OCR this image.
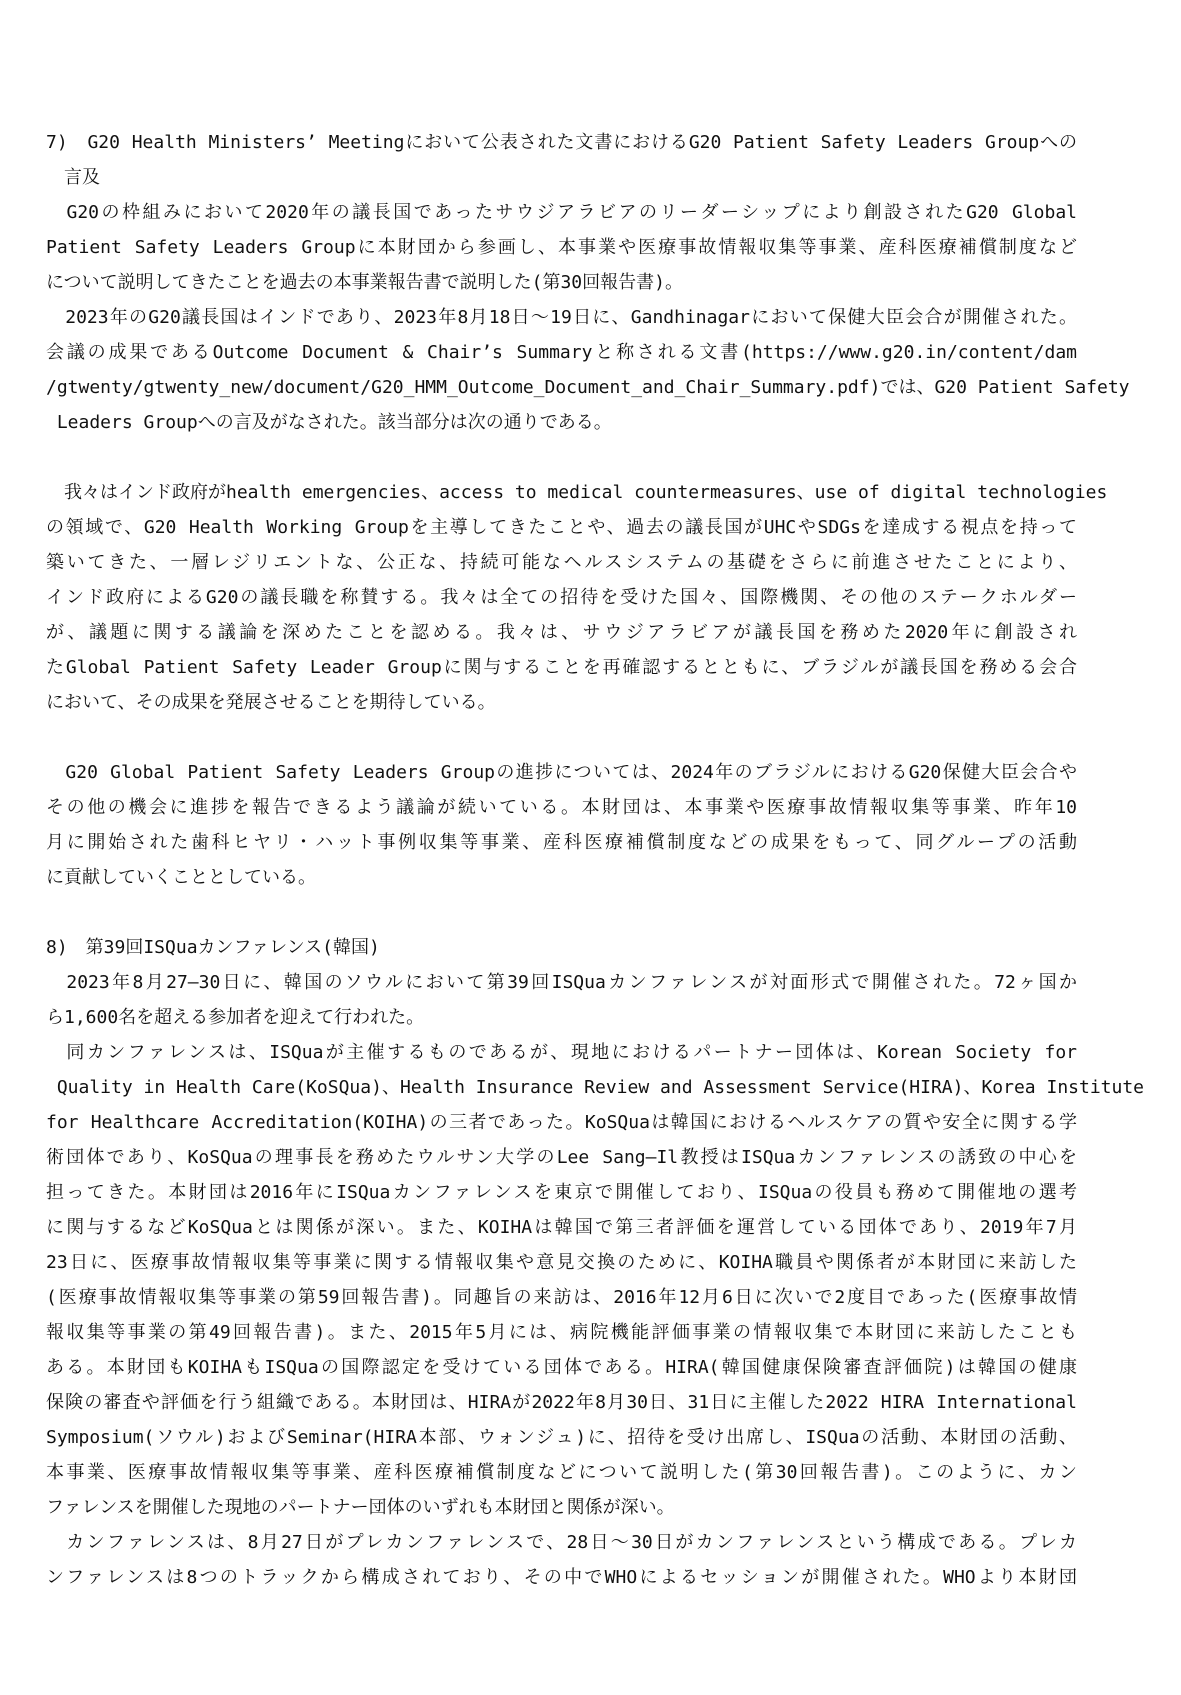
7)　G20 Health Ministers’ Meetingにおいて公表された文書におけるG20 Patient Safety Leaders Groupへの
　言及
　G20の枠組みにおいて2020年の議長国であったサウジアラビアのリーダーシップにより創設されたG20 Global
Patient Safety Leaders Groupに本財団から参画し、本事業や医療事故情報収集等事業、産科医療補償制度など
について説明してきたことを過去の本事業報告書で説明した(第30回報告書)。
　2023年のG20議長国はインドであり、2023年8月18日～19日に、Gandhinagarにおいて保健大臣会合が開催された。
会議の成果であるOutcome Document & Chair’s Summaryと称される文書(https://www.g20.in/content/dam
/gtwenty/gtwenty_new/document/G20_HMM_Outcome_Document_and_Chair_Summary.pdf)では、G20 Patient Safety
Leaders Groupへの言及がなされた。該当部分は次の通りである。
　我々はインド政府がhealth emergencies、access to medical countermeasures、use of digital technologies
の領域で、G20 Health Working Groupを主導してきたことや、過去の議長国がUHCやSDGsを達成する視点を持って
築いてきた、一層レジリエントな、公正な、持続可能なヘルスシステムの基礎をさらに前進させたことにより、
インド政府によるG20の議長職を称賛する。我々は全ての招待を受けた国々、国際機関、その他のステークホルダー
が、議題に関する議論を深めたことを認める。我々は、サウジアラビアが議長国を務めた2020年に創設され
たGlobal Patient Safety Leader Groupに関与することを再確認するとともに、ブラジルが議長国を務める会合
において、その成果を発展させることを期待している。
　G20 Global Patient Safety Leaders Groupの進捗については、2024年のブラジルにおけるG20保健大臣会合や
その他の機会に進捗を報告できるよう議論が続いている。本財団は、本事業や医療事故情報収集等事業、昨年10
月に開始された歯科ヒヤリ・ハット事例収集等事業、産科医療補償制度などの成果をもって、同グループの活動
に貢献していくこととしている。
8)　第39回ISQuaカンファレンス(韓国)
　2023年8月27―30日に、韓国のソウルにおいて第39回ISQuaカンファレンスが対面形式で開催された。72ヶ国か
ら1,600名を超える参加者を迎えて行われた。
　同カンファレンスは、ISQuaが主催するものであるが、現地におけるパートナー団体は、Korean Society for
Quality in Health Care(KoSQua)、Health Insurance Review and Assessment Service(HIRA)、Korea Institute
for Healthcare Accreditation(KOIHA)の三者であった。KoSQuaは韓国におけるヘルスケアの質や安全に関する学
術団体であり、KoSQuaの理事長を務めたウルサン大学のLee Sang―Il教授はISQuaカンファレンスの誘致の中心を
担ってきた。本財団は2016年にISQuaカンファレンスを東京で開催しており、ISQuaの役員も務めて開催地の選考
に関与するなどKoSQuaとは関係が深い。また、KOIHAは韓国で第三者評価を運営している団体であり、2019年7月
23日に、医療事故情報収集等事業に関する情報収集や意見交換のために、KOIHA職員や関係者が本財団に来訪した
(医療事故情報収集等事業の第59回報告書)。同趣旨の来訪は、2016年12月6日に次いで2度目であった(医療事故情
報収集等事業の第49回報告書)。また、2015年5月には、病院機能評価事業の情報収集で本財団に来訪したことも
ある。本財団もKOIHAもISQuaの国際認定を受けている団体である。HIRA(韓国健康保険審査評価院)は韓国の健康
保険の審査や評価を行う組織である。本財団は、HIRAが2022年8月30日、31日に主催した2022 HIRA International
Symposium(ソウル)およびSeminar(HIRA本部、ウォンジュ)に、招待を受け出席し、ISQuaの活動、本財団の活動、
本事業、医療事故情報収集等事業、産科医療補償制度などについて説明した(第30回報告書)。このように、カン
ファレンスを開催した現地のパートナー団体のいずれも本財団と関係が深い。
　カンファレンスは、8月27日がプレカンファレンスで、28日～30日がカンファレンスという構成である。プレカ
ンファレンスは8つのトラックから構成されており、その中でWHOによるセッションが開催された。WHOより本財団
